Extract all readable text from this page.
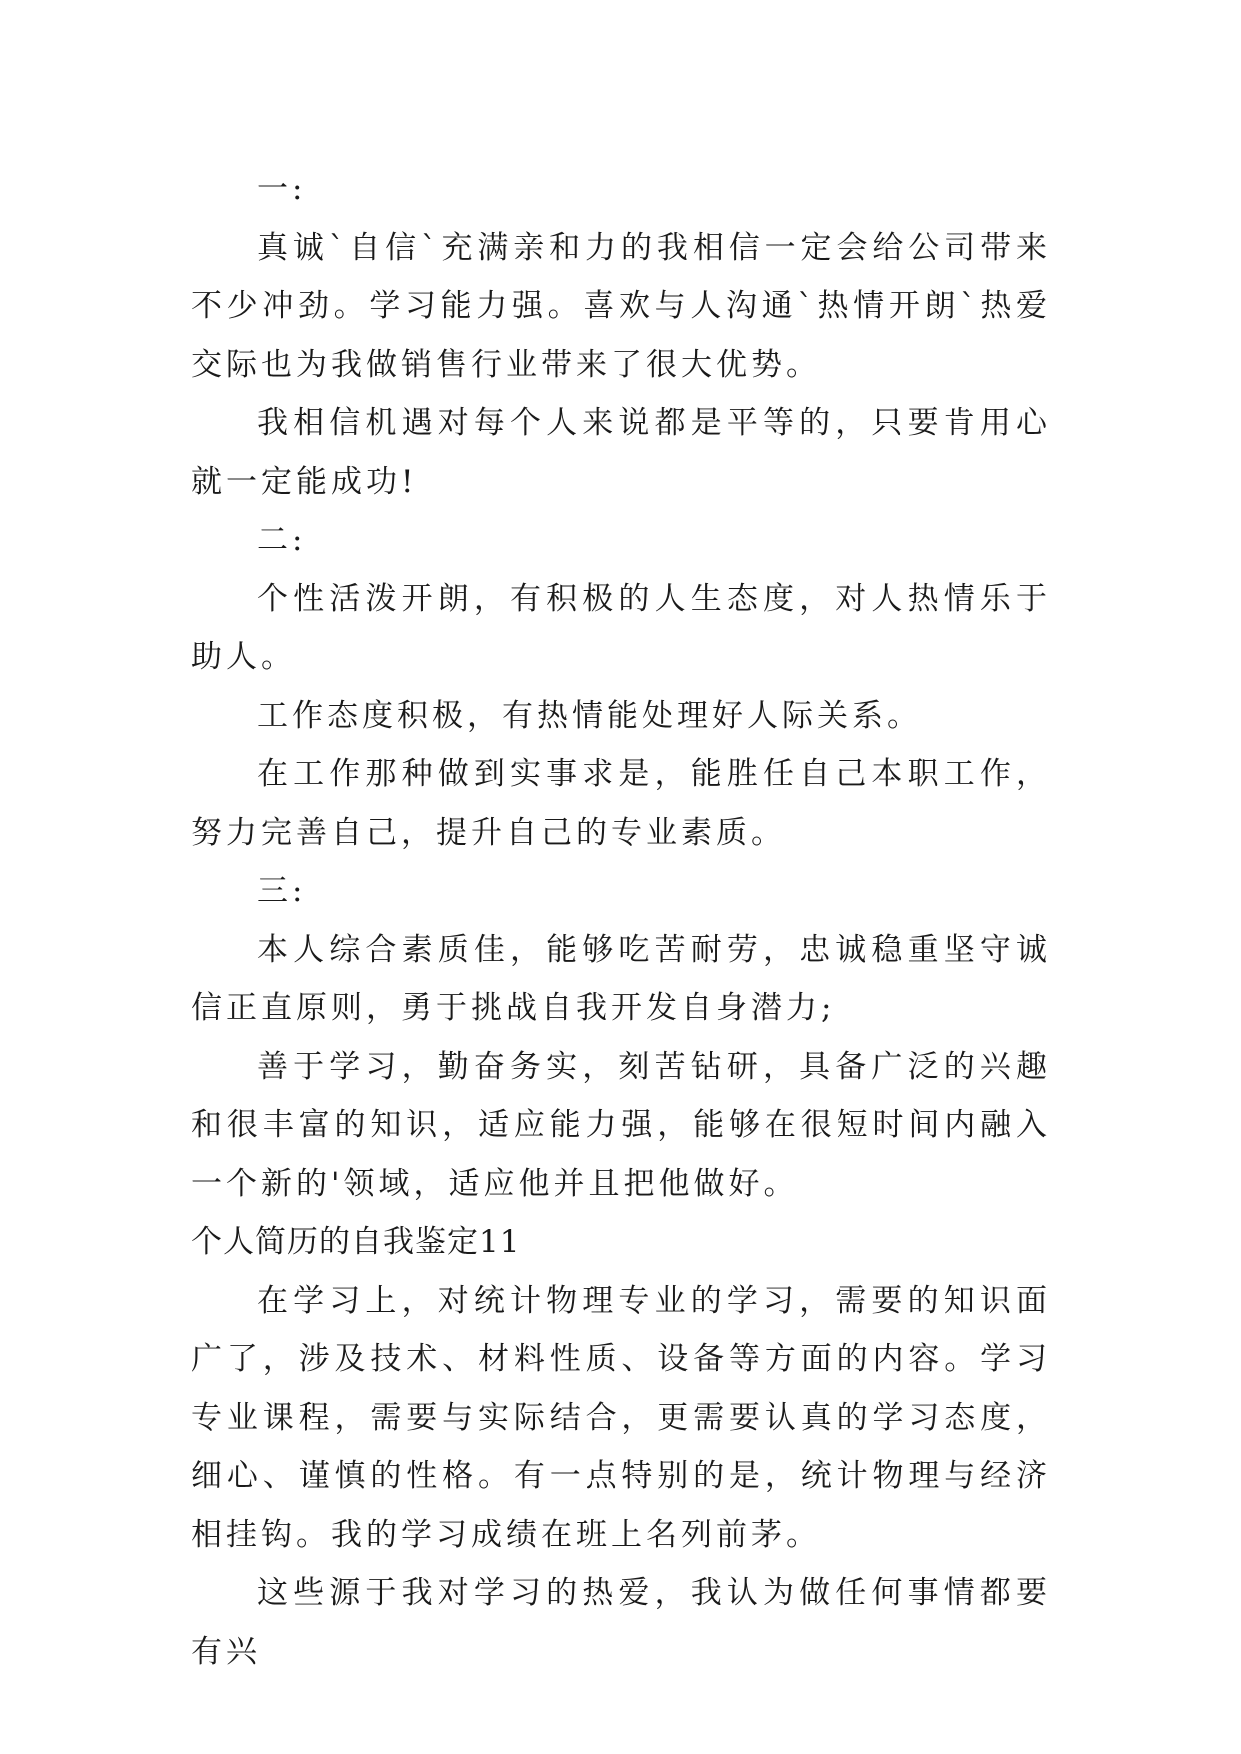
一:

真诚`自信`充满亲和力的我相信一定会给公司带来不少冲劲。学习能力强。喜欢与人沟通`热情开朗`热爱交际也为我做销售行业带来了很大优势。

我相信机遇对每个人来说都是平等的，只要肯用心就一定能成功!

二:

个性活泼开朗，有积极的人生态度，对人热情乐于助人。

工作态度积极，有热情能处理好人际关系。

在工作那种做到实事求是，能胜任自己本职工作，努力完善自己，提升自己的专业素质。

三:

本人综合素质佳，能够吃苦耐劳，忠诚稳重坚守诚信正直原则，勇于挑战自我开发自身潜力;

善于学习，勤奋务实，刻苦钻研，具备广泛的兴趣和很丰富的知识，适应能力强，能够在很短时间内融入一个新的'领域，适应他并且把他做好。

个人简历的自我鉴定11

在学习上，对统计物理专业的学习，需要的知识面广了，涉及技术、材料性质、设备等方面的内容。学习专业课程，需要与实际结合，更需要认真的学习态度，细心、谨慎的性格。有一点特别的是，统计物理与经济相挂钩。我的学习成绩在班上名列前茅。

这些源于我对学习的热爱，我认为做任何事情都要有兴
